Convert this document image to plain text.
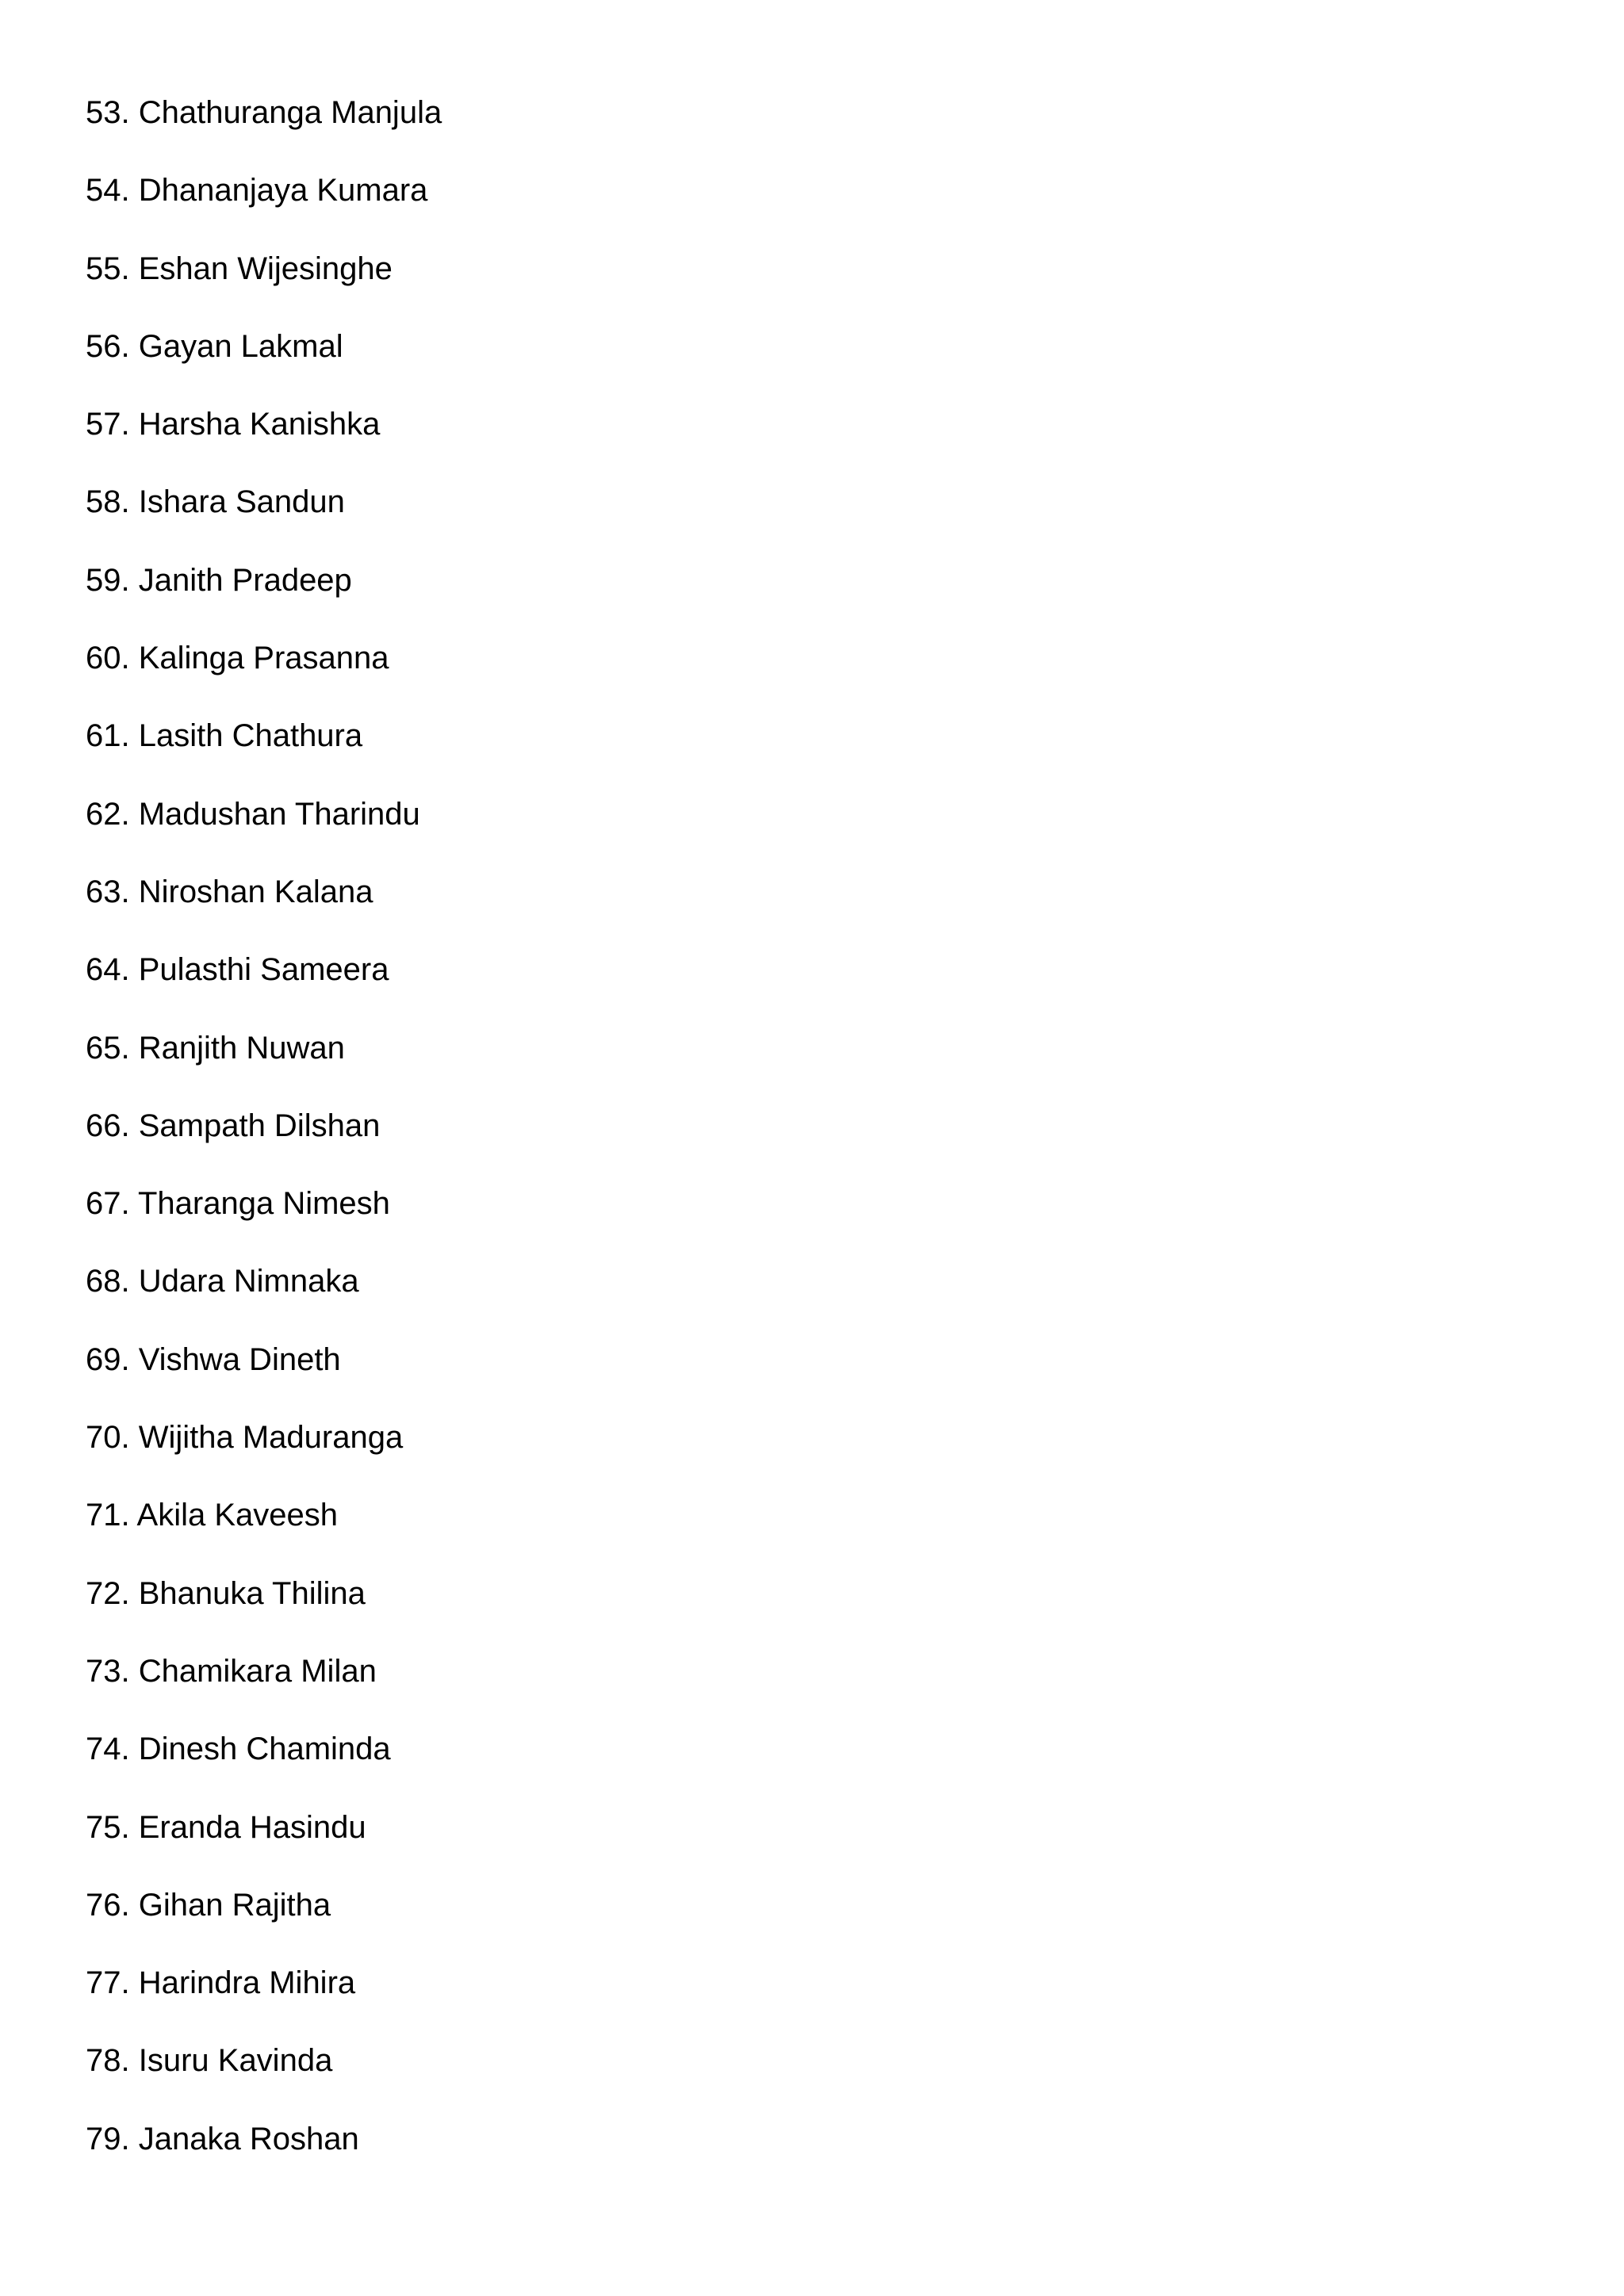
53. Chathuranga Manjula
54. Dhananjaya Kumara
55. Eshan Wijesinghe
56. Gayan Lakmal
57. Harsha Kanishka
58. Ishara Sandun
59. Janith Pradeep
60. Kalinga Prasanna
61. Lasith Chathura
62. Madushan Tharindu
63. Niroshan Kalana
64. Pulasthi Sameera
65. Ranjith Nuwan
66. Sampath Dilshan
67. Tharanga Nimesh
68. Udara Nimnaka
69. Vishwa Dineth
70. Wijitha Maduranga
71. Akila Kaveesh
72. Bhanuka Thilina
73. Chamikara Milan
74. Dinesh Chaminda
75. Eranda Hasindu
76. Gihan Rajitha
77. Harindra Mihira
78. Isuru Kavinda
79. Janaka Roshan
